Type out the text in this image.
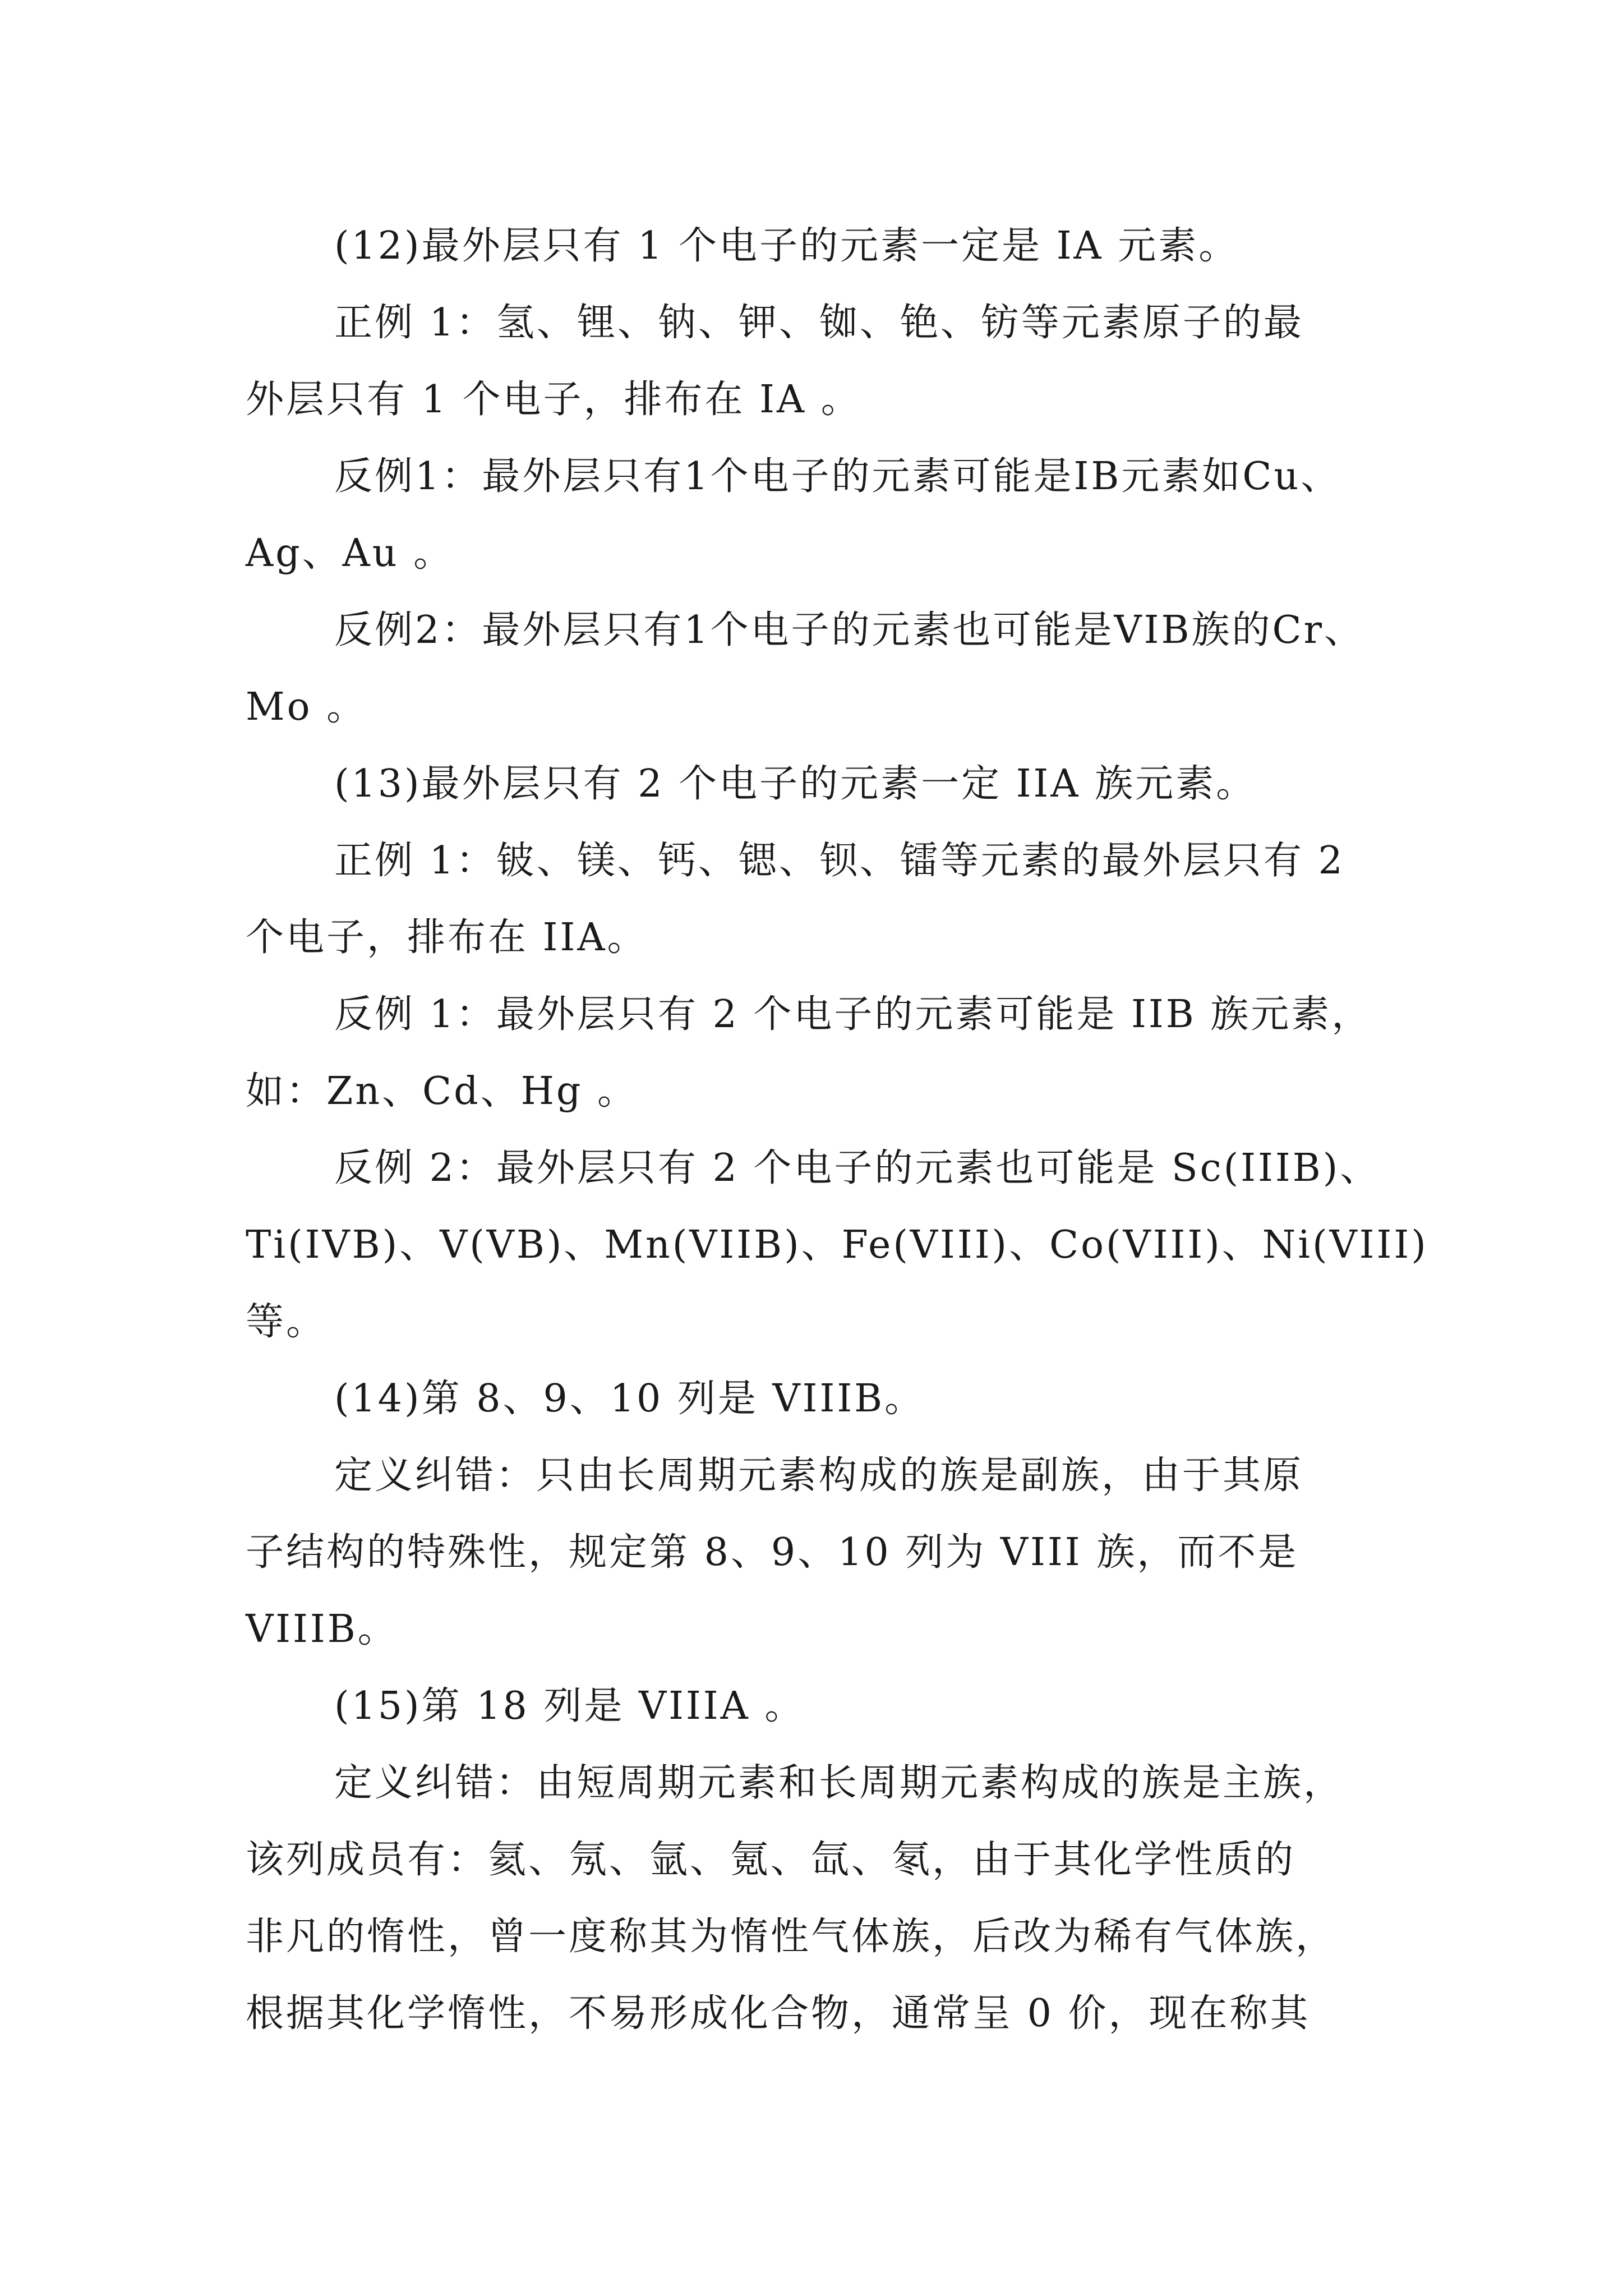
(12)最外层只有 1 个电子的元素一定是 IA 元素。
正例 1：氢、锂、钠、钾、铷、铯、钫等元素原子的最
外层只有 1 个电子，排布在 IA 。
反例1：最外层只有1个电子的元素可能是IB元素如Cu、
Ag、Au 。
反例2：最外层只有1个电子的元素也可能是VIB族的Cr、
Mo 。
(13)最外层只有 2 个电子的元素一定 IIA 族元素。
正例 1：铍、镁、钙、锶、钡、镭等元素的最外层只有 2
个电子，排布在 IIA。
反例 1：最外层只有 2 个电子的元素可能是 IIB 族元素，
如：Zn、Cd、Hg 。
反例 2：最外层只有 2 个电子的元素也可能是 Sc(IIIB)、
Ti(IVB)、V(VB)、Mn(VIIB)、Fe(VIII)、Co(VIII)、Ni(VIII)
等。
(14)第 8、9、10 列是 VIIIB。
定义纠错：只由长周期元素构成的族是副族，由于其原
子结构的特殊性，规定第 8、9、10 列为 VIII 族，而不是
VIIIB。
(15)第 18 列是 VIIIA 。
定义纠错：由短周期元素和长周期元素构成的族是主族，
该列成员有：氦、氖、氩、氪、氙、氡，由于其化学性质的
非凡的惰性，曾一度称其为惰性气体族，后改为稀有气体族，
根据其化学惰性，不易形成化合物，通常呈 0 价，现在称其
